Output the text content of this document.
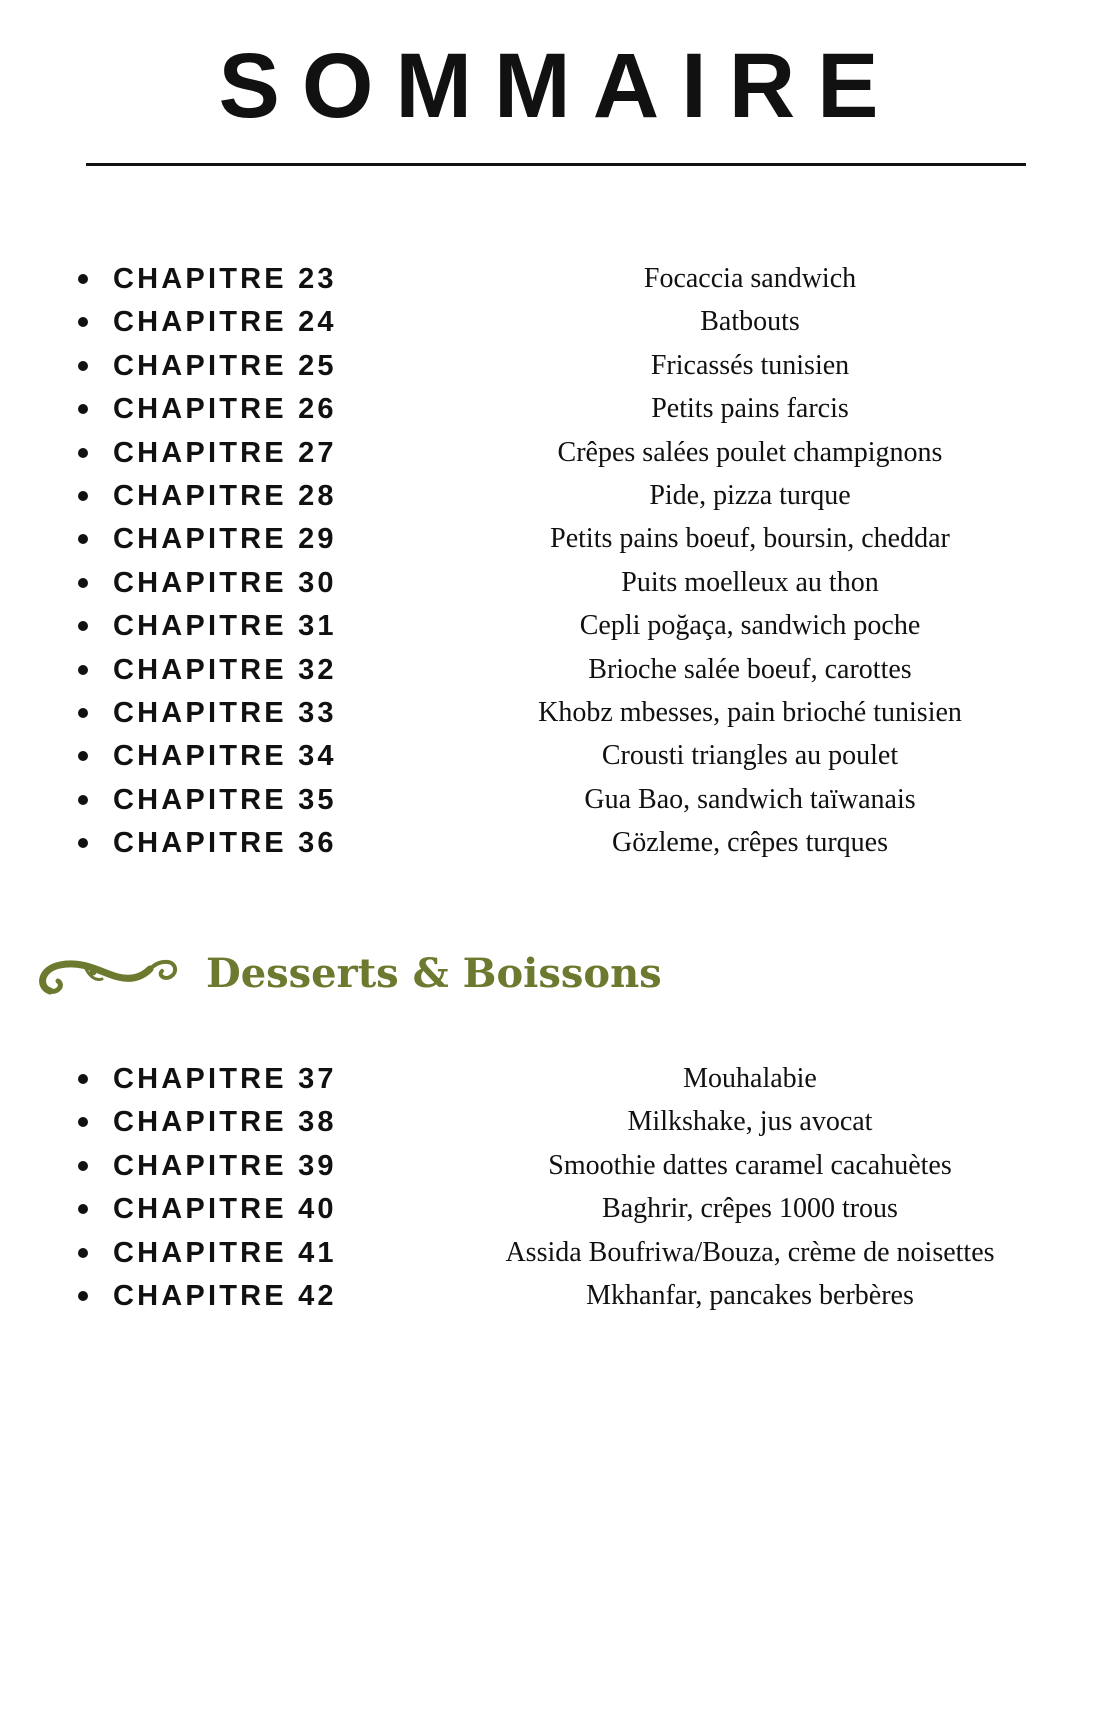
SOMMAIRE
CHAPITRE 23	Focaccia sandwich
CHAPITRE 24	Batbouts
CHAPITRE 25	Fricassés tunisien
CHAPITRE 26	Petits pains farcis
CHAPITRE 27	Crêpes salées poulet champignons
CHAPITRE 28	Pide, pizza turque
CHAPITRE 29	Petits pains boeuf, boursin, cheddar
CHAPITRE 30	Puits moelleux au thon
CHAPITRE 31	Cepli poğaça, sandwich poche
CHAPITRE 32	Brioche salée boeuf, carottes
CHAPITRE 33	Khobz mbesses, pain brioché tunisien
CHAPITRE 34	Crousti triangles au poulet
CHAPITRE 35	Gua Bao, sandwich taïwanais
CHAPITRE 36	Gözleme, crêpes turques
Desserts & Boissons
CHAPITRE 37	Mouhalabie
CHAPITRE 38	Milkshake, jus avocat
CHAPITRE 39	Smoothie dattes caramel cacahuètes
CHAPITRE 40	Baghrir, crêpes 1000 trous
CHAPITRE 41	Assida Boufriwa/Bouza, crème de noisettes
CHAPITRE 42	Mkhanfar, pancakes berbères
